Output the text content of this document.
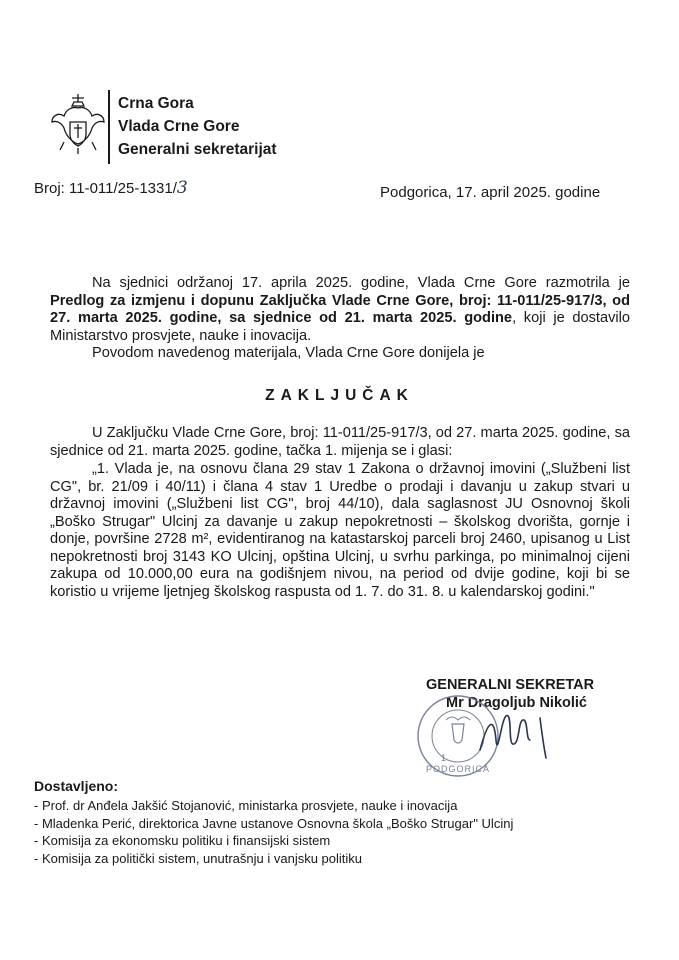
Crna Gora
Vlada Crne Gore
Generalni sekretarijat
Broj: 11-011/25-1331/3	Podgorica, 17. april 2025. godine

Na sjednici održanoj 17. aprila 2025. godine, Vlada Crne Gore razmotrila je Predlog za izmjenu i dopunu Zaključka Vlade Crne Gore, broj: 11-011/25-917/3, od 27. marta 2025. godine, sa sjednice od 21. marta 2025. godine, koji je dostavilo Ministarstvo prosvjete, nauke i inovacija.

Povodom navedenog materijala, Vlada Crne Gore donijela je

ZAKLJUČAK

U Zaključku Vlade Crne Gore, broj: 11-011/25-917/3, od 27. marta 2025. godine, sa sjednice od 21. marta 2025. godine, tačka 1. mijenja se i glasi:

„1. Vlada je, na osnovu člana 29 stav 1 Zakona o državnoj imovini („Službeni list CG", br. 21/09 i 40/11) i člana 4 stav 1 Uredbe o prodaji i davanju u zakup stvari u državnoj imovini („Službeni list CG", broj 44/10), dala saglasnost JU Osnovnoj školi „Boško Strugar" Ulcinj za davanje u zakup nepokretnosti – školskog dvorišta, gornje i donje, površine 2728 m², evidentiranog na katastarskoj parceli broj 2460, upisanog u List nepokretnosti broj 3143 KO Ulcinj, opština Ulcinj, u svrhu parkinga, po minimalnoj cijeni zakupa od 10.000,00 eura na godišnjem nivou, na period od dvije godine, koji bi se koristio u vrijeme ljetnjeg školskog raspusta od 1. 7. do 31. 8. u kalendarskoj godini."

GENERALNI SEKRETAR
Mr Dragoljub Nikolić
1
PODGORICA
Dostavljeno:
- Prof. dr Anđela Jakšić Stojanović, ministarka prosvjete, nauke i inovacija
- Mladenka Perić, direktorica Javne ustanove Osnovna škola „Boško Strugar" Ulcinj
- Komisija za ekonomsku politiku i finansijski sistem
- Komisija za politički sistem, unutrašnju i vanjsku politiku
